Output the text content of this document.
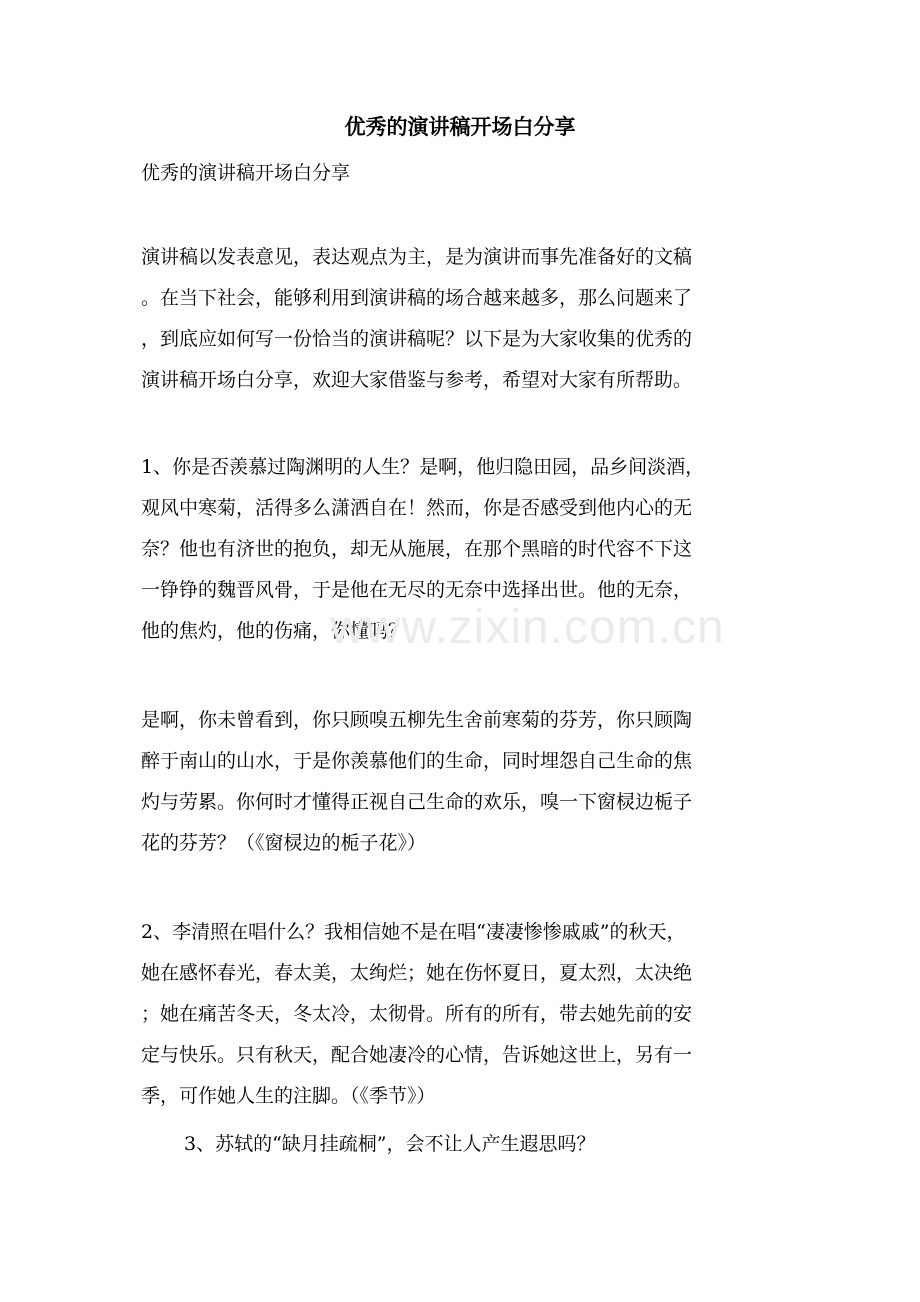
优秀的演讲稿开场白分享
优秀的演讲稿开场白分享

演讲稿以发表意见，表达观点为主，是为演讲而事先准备好的文稿
。在当下社会，能够利用到演讲稿的场合越来越多，那么问题来了
，到底应如何写一份恰当的演讲稿呢？以下是为大家收集的优秀的
演讲稿开场白分享，欢迎大家借鉴与参考，希望对大家有所帮助。

1、你是否羡慕过陶渊明的人生？是啊，他归隐田园，品乡间淡酒，
观风中寒菊，活得多么潇洒自在！然而，你是否感受到他内心的无
奈？他也有济世的抱负，却无从施展，在那个黑暗的时代容不下这
一铮铮的魏晋风骨，于是他在无尽的无奈中选择出世。他的无奈，
他的焦灼，他的伤痛，你懂吗？

是啊，你未曾看到，你只顾嗅五柳先生舍前寒菊的芬芳，你只顾陶
醉于南山的山水，于是你羡慕他们的生命，同时埋怨自己生命的焦
灼与劳累。你何时才懂得正视自己生命的欢乐，嗅一下窗棂边栀子
花的芬芳？（《窗棂边的栀子花》）

2、李清照在唱什么？我相信她不是在唱“凄凄惨惨戚戚”的秋天，
她在感怀春光，春太美，太绚烂；她在伤怀夏日，夏太烈，太决绝
；她在痛苦冬天，冬太冷，太彻骨。所有的所有，带去她先前的安
定与快乐。只有秋天，配合她凄冷的心情，告诉她这世上，另有一
季，可作她人生的注脚。（《季节》）

3、苏轼的“缺月挂疏桐”，会不让人产生遐思吗？

www.zixin.com.cn
